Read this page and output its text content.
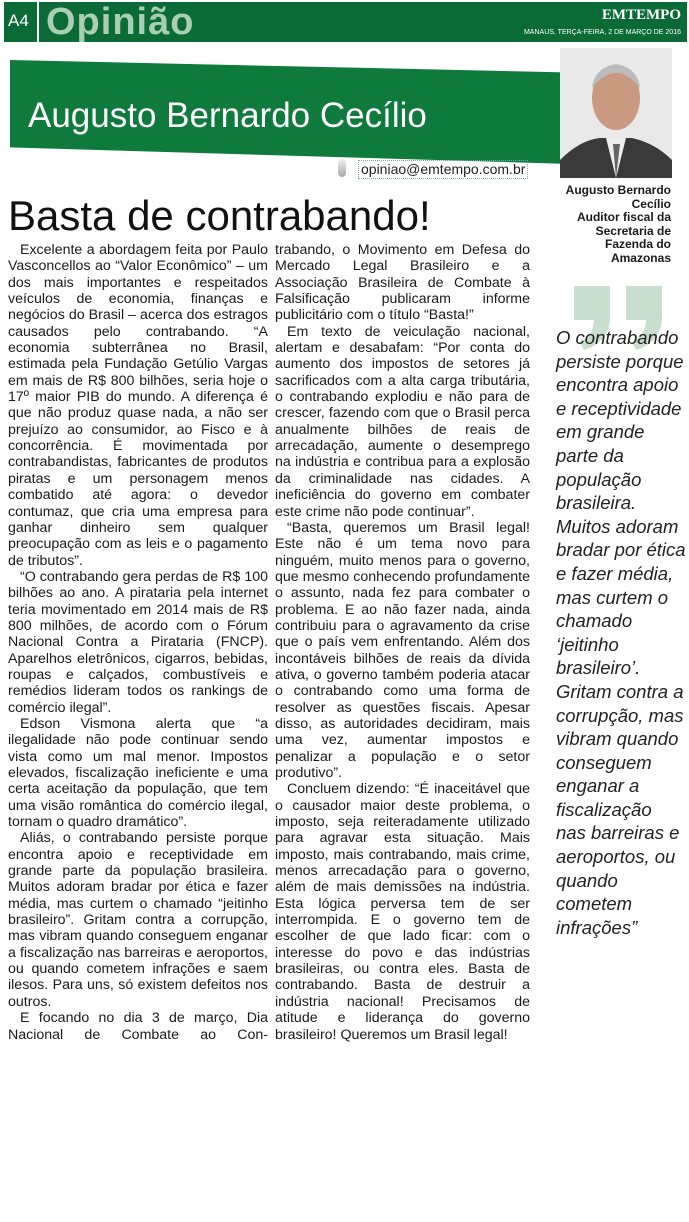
A4 Opinião	EMTEMPO
MANAUS, TERÇA-FEIRA, 2 DE MARÇO DE 2016
Augusto Bernardo Cecílio
opiniao@emtempo.com.br
Basta de contrabando!

Excelente a abordagem feita por Paulo Vasconcellos ao “Valor Econômico” – um dos mais importantes e respeitados veículos de economia, finanças e negócios do Brasil – acerca dos estragos causados pelo contrabando. “A economia subterrânea no Brasil, estimada pela Fundação Getúlio Vargas em mais de R$ 800 bilhões, seria hoje o 17º maior PIB do mundo. A diferença é que não produz quase nada, a não ser prejuízo ao consumidor, ao Fisco e à concorrência. É movimentada por contrabandistas, fabricantes de produtos piratas e um personagem menos combatido até agora: o devedor contumaz, que cria uma empresa para ganhar dinheiro sem qualquer preocupação com as leis e o pagamento de tributos”.

“O contrabando gera perdas de R$ 100 bilhões ao ano. A pirataria pela internet teria movimentado em 2014 mais de R$ 800 milhões, de acordo com o Fórum Nacional Contra a Pirataria (FNCP). Aparelhos eletrônicos, cigarros, bebidas, roupas e calçados, combustíveis e remédios lideram todos os rankings de comércio ilegal”.

Edson Vismona alerta que “a ilegalidade não pode continuar sendo vista como um mal menor. Impostos elevados, fiscalização ineficiente e uma certa aceitação da população, que tem uma visão romântica do comércio ilegal, tornam o quadro dramático”.

Aliás, o contrabando persiste porque encontra apoio e receptividade em grande parte da população brasileira. Muitos adoram bradar por ética e fazer média, mas curtem o chamado “jeitinho brasileiro”. Gritam contra a corrupção, mas vibram quando conseguem enganar a fiscalização nas barreiras e aeroportos, ou quando cometem infrações e saem ilesos. Para uns, só existem defeitos nos outros.

E focando no dia 3 de março, Dia Nacional de Combate ao Con-

trabando, o Movimento em Defesa do Mercado Legal Brasileiro e a Associação Brasileira de Combate à Falsificação publicaram informe publicitário com o título “Basta!”

Em texto de veiculação nacional, alertam e desabafam: “Por conta do aumento dos impostos de setores já sacrificados com a alta carga tributária, o contrabando explodiu e não para de crescer, fazendo com que o Brasil perca anualmente bilhões de reais de arrecadação, aumente o desemprego na indústria e contribua para a explosão da criminalidade nas cidades. A ineficiência do governo em combater este crime não pode continuar”.

“Basta, queremos um Brasil legal! Este não é um tema novo para ninguém, muito menos para o governo, que mesmo conhecendo profundamente o assunto, nada fez para combater o problema. E ao não fazer nada, ainda contribuiu para o agravamento da crise que o país vem enfrentando. Além dos incontáveis bilhões de reais da dívida ativa, o governo também poderia atacar o contrabando como uma forma de resolver as questões fiscais. Apesar disso, as autoridades decidiram, mais uma vez, aumentar impostos e penalizar a população e o setor produtivo”.

Concluem dizendo: “É inaceitável que o causador maior deste problema, o imposto, seja reiteradamente utilizado para agravar esta situação. Mais imposto, mais contrabando, mais crime, menos arrecadação para o governo, além de mais demissões na indústria. Esta lógica perversa tem de ser interrompida. E o governo tem de escolher de que lado ficar: com o interesse do povo e das indústrias brasileiras, ou contra eles. Basta de contrabando. Basta de destruir a indústria nacional! Precisamos de atitude e liderança do governo brasileiro! Queremos um Brasil legal!

Augusto Bernardo Cecílio
Auditor fiscal da Secretaria de Fazenda do Amazonas
O contrabando persiste porque encontra apoio e receptividade em grande parte da população brasileira. Muitos adoram bradar por ética e fazer média, mas curtem o chamado ‘jeitinho brasileiro’. Gritam contra a corrupção, mas vibram quando conseguem enganar a fiscalização nas barreiras e aeroportos, ou quando cometem infrações”
